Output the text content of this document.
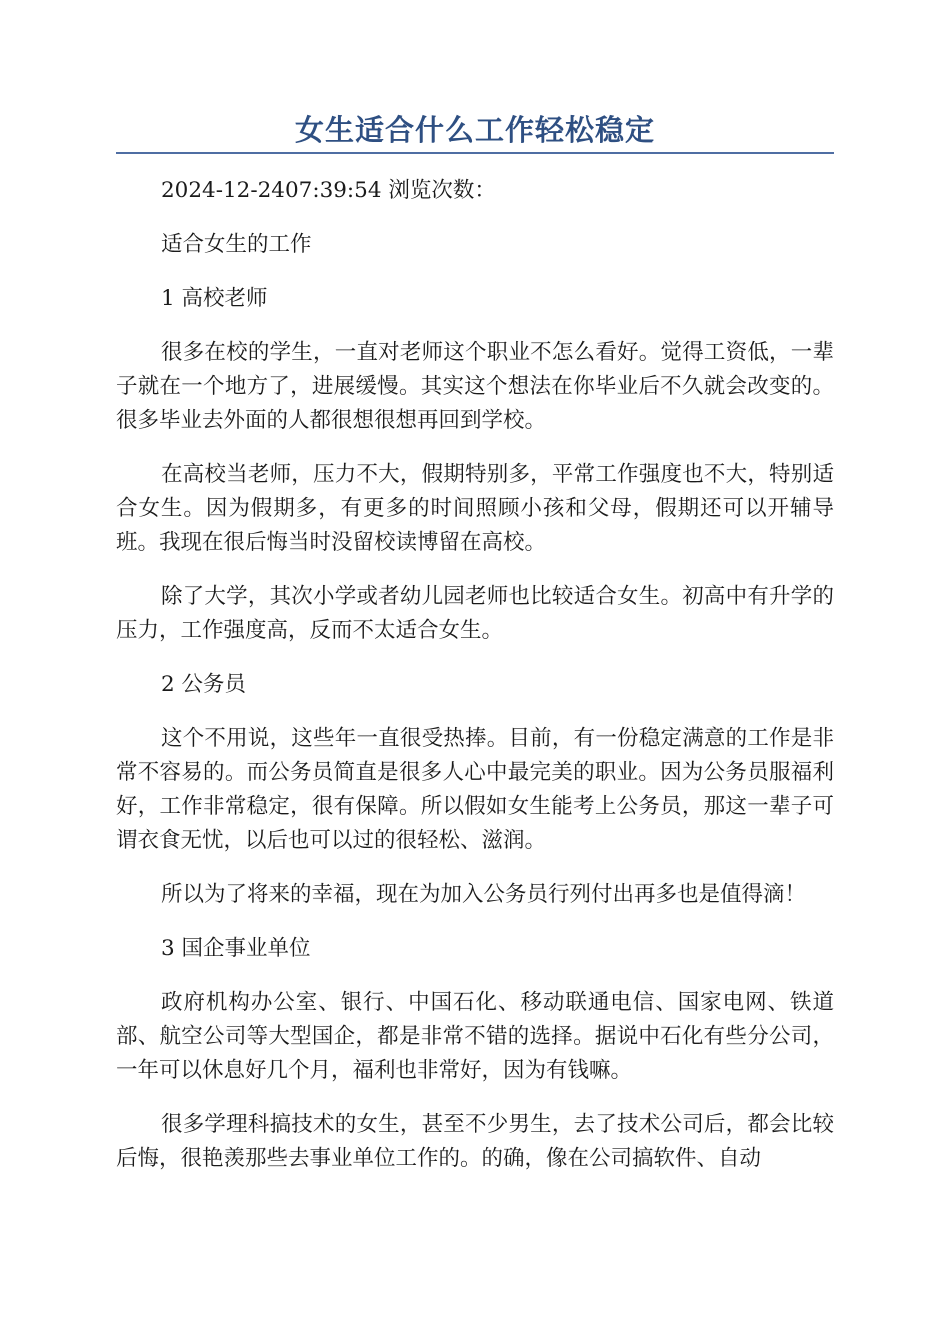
女生适合什么工作轻松稳定

2024-12-2407:39:54 浏览次数：

适合女生的工作

1 高校老师

很多在校的学生，一直对老师这个职业不怎么看好。觉得工资低，一辈子就在一个地方了，进展缓慢。其实这个想法在你毕业后不久就会改变的。很多毕业去外面的人都很想很想再回到学校。

在高校当老师，压力不大，假期特别多，平常工作强度也不大，特别适合女生。因为假期多，有更多的时间照顾小孩和父母，假期还可以开辅导班。我现在很后悔当时没留校读博留在高校。

除了大学，其次小学或者幼儿园老师也比较适合女生。初高中有升学的压力，工作强度高，反而不太适合女生。

2 公务员

这个不用说，这些年一直很受热捧。目前，有一份稳定满意的工作是非常不容易的。而公务员简直是很多人心中最完美的职业。因为公务员服福利好，工作非常稳定，很有保障。所以假如女生能考上公务员，那这一辈子可谓衣食无忧，以后也可以过的很轻松、滋润。

所以为了将来的幸福，现在为加入公务员行列付出再多也是值得滴！

3 国企事业单位

政府机构办公室、银行、中国石化、移动联通电信、国家电网、铁道部、航空公司等大型国企，都是非常不错的选择。据说中石化有些分公司，一年可以休息好几个月，福利也非常好，因为有钱嘛。

很多学理科搞技术的女生，甚至不少男生，去了技术公司后，都会比较后悔，很艳羡那些去事业单位工作的。的确，像在公司搞软件、自动
